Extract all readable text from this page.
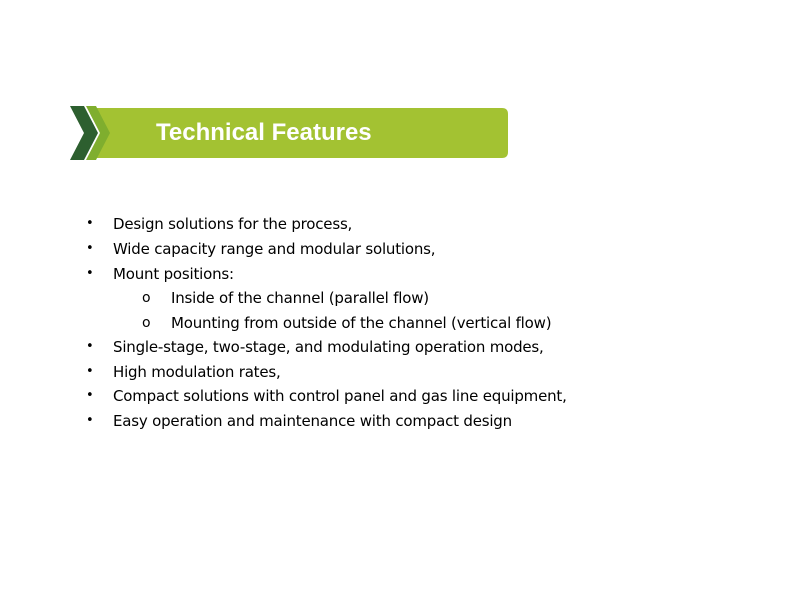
Technical Features
• Design solutions for the process,
• Wide capacity range and modular solutions,
• Mount positions:
o Inside of the channel (parallel flow)
o Mounting from outside of the channel (vertical flow)
• Single-stage, two-stage, and modulating operation modes,
• High modulation rates,
• Compact solutions with control panel and gas line equipment,
• Easy operation and maintenance with compact design
